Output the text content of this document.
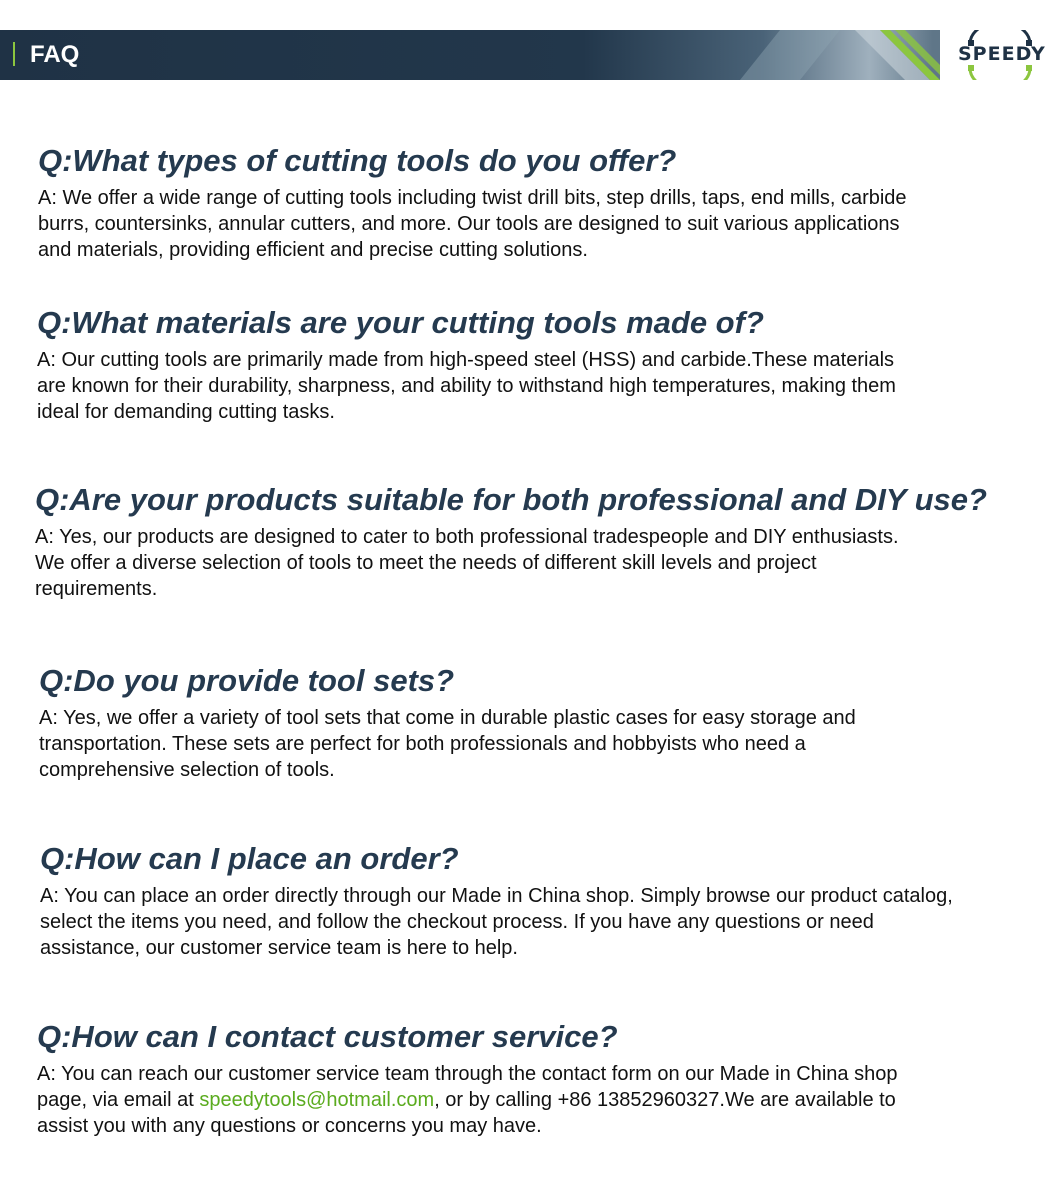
FAQ	SPEEDY
Q:What types of cutting tools do you offer?
A: We offer a wide range of cutting tools including twist drill bits, step drills, taps, end mills, carbide burrs, countersinks, annular cutters, and more. Our tools are designed to suit various applications and materials, providing efficient and precise cutting solutions.
Q:What materials are your cutting tools made of?
A: Our cutting tools are primarily made from high-speed steel (HSS) and carbide.These materials are known for their durability, sharpness, and ability to withstand high temperatures, making them ideal for demanding cutting tasks.
Q:Are your products suitable for both professional and DIY use?
A: Yes, our products are designed to cater to both professional tradespeople and DIY enthusiasts. We offer a diverse selection of tools to meet the needs of different skill levels and project requirements.
Q:Do you provide tool sets?
A: Yes, we offer a variety of tool sets that come in durable plastic cases for easy storage and transportation. These sets are perfect for both professionals and hobbyists who need a comprehensive selection of tools.
Q:How can I place an order?
A: You can place an order directly through our Made in China shop. Simply browse our product catalog, select the items you need, and follow the checkout process. If you have any questions or need assistance, our customer service team is here to help.
Q:How can I contact customer service?
A: You can reach our customer service team through the contact form on our Made in China shop page, via email at speedytools@hotmail.com, or by calling +86 13852960327.We are available to assist you with any questions or concerns you may have.
